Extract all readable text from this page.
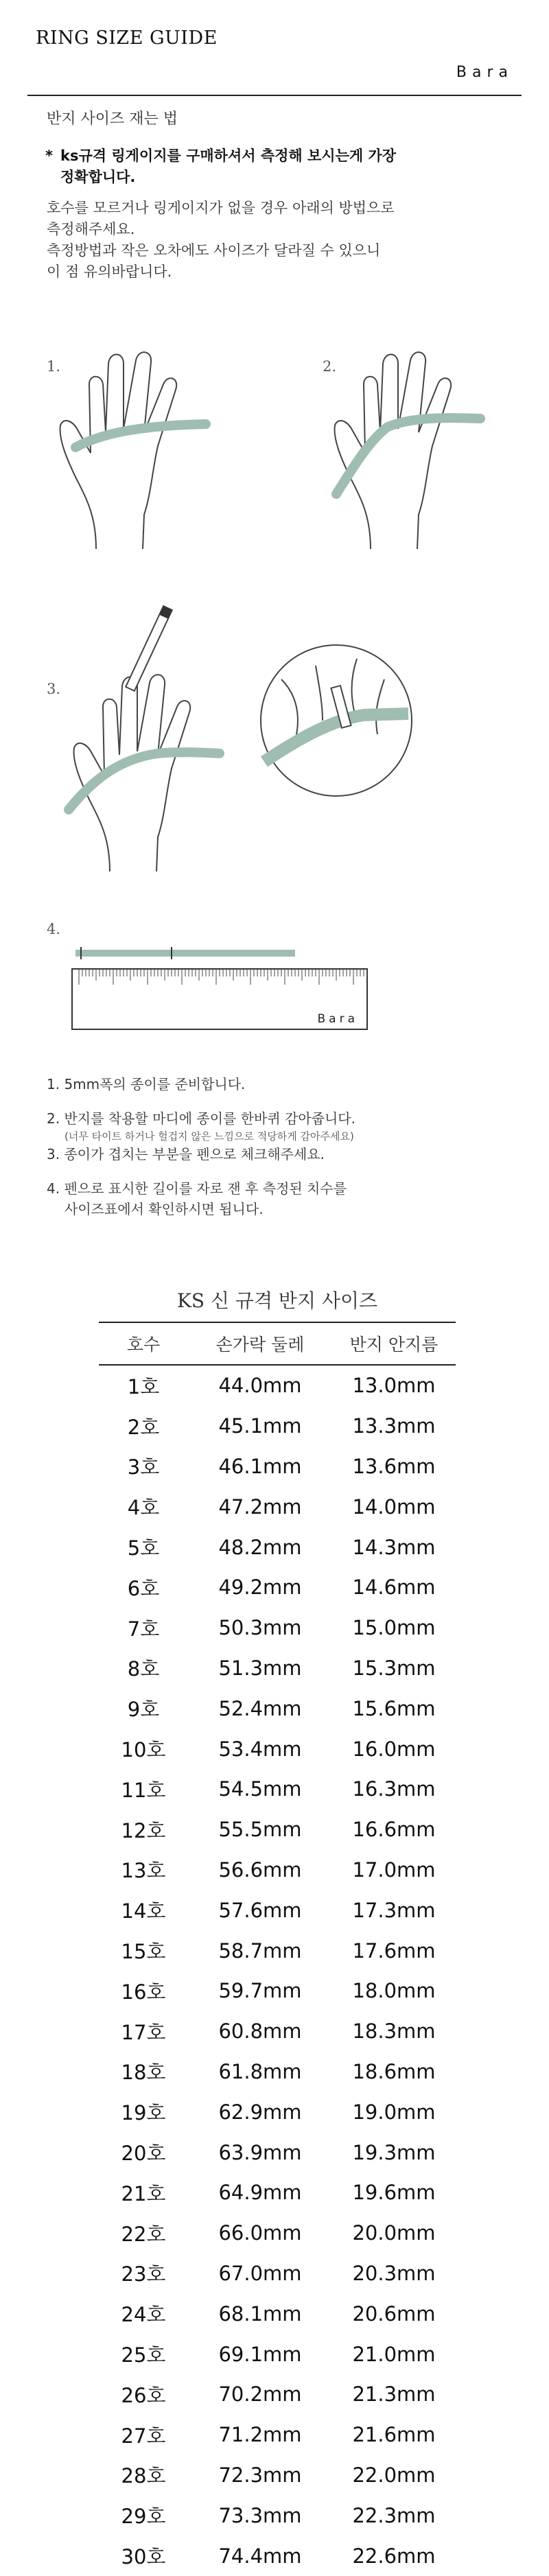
RING SIZE GUIDE
Bara
반지 사이즈 재는 법
* ks규격 링게이지를 구매하셔서 측정해 보시는게 가장
정확합니다.
호수를 모르거나 링게이지가 없을 경우 아래의 방법으로
측정해주세요.
측정방법과 작은 오차에도 사이즈가 달라질 수 있으니
이 점 유의바랍니다.
1.	2.
3.
4.
Bara
1. 5mm폭의 종이를 준비합니다.
2. 반지를 착용할 마디에 종이를 한바퀴 감아줍니다.
(너무 타이트 하거나 헐겁지 않은 느낌으로 적당하게 감아주세요)
3. 종이가 겹치는 부분을 펜으로 체크해주세요.
4. 펜으로 표시한 길이를 자로 잰 후 측정된 치수를
사이즈표에서 확인하시면 됩니다.
KS 신 규격 반지 사이즈
호수	손가락 둘레	반지 안지름
1호	44.0mm	13.0mm
2호	45.1mm	13.3mm
3호	46.1mm	13.6mm
4호	47.2mm	14.0mm
5호	48.2mm	14.3mm
6호	49.2mm	14.6mm
7호	50.3mm	15.0mm
8호	51.3mm	15.3mm
9호	52.4mm	15.6mm
10호	53.4mm	16.0mm
11호	54.5mm	16.3mm
12호	55.5mm	16.6mm
13호	56.6mm	17.0mm
14호	57.6mm	17.3mm
15호	58.7mm	17.6mm
16호	59.7mm	18.0mm
17호	60.8mm	18.3mm
18호	61.8mm	18.6mm
19호	62.9mm	19.0mm
20호	63.9mm	19.3mm
21호	64.9mm	19.6mm
22호	66.0mm	20.0mm
23호	67.0mm	20.3mm
24호	68.1mm	20.6mm
25호	69.1mm	21.0mm
26호	70.2mm	21.3mm
27호	71.2mm	21.6mm
28호	72.3mm	22.0mm
29호	73.3mm	22.3mm
30호	74.4mm	22.6mm
